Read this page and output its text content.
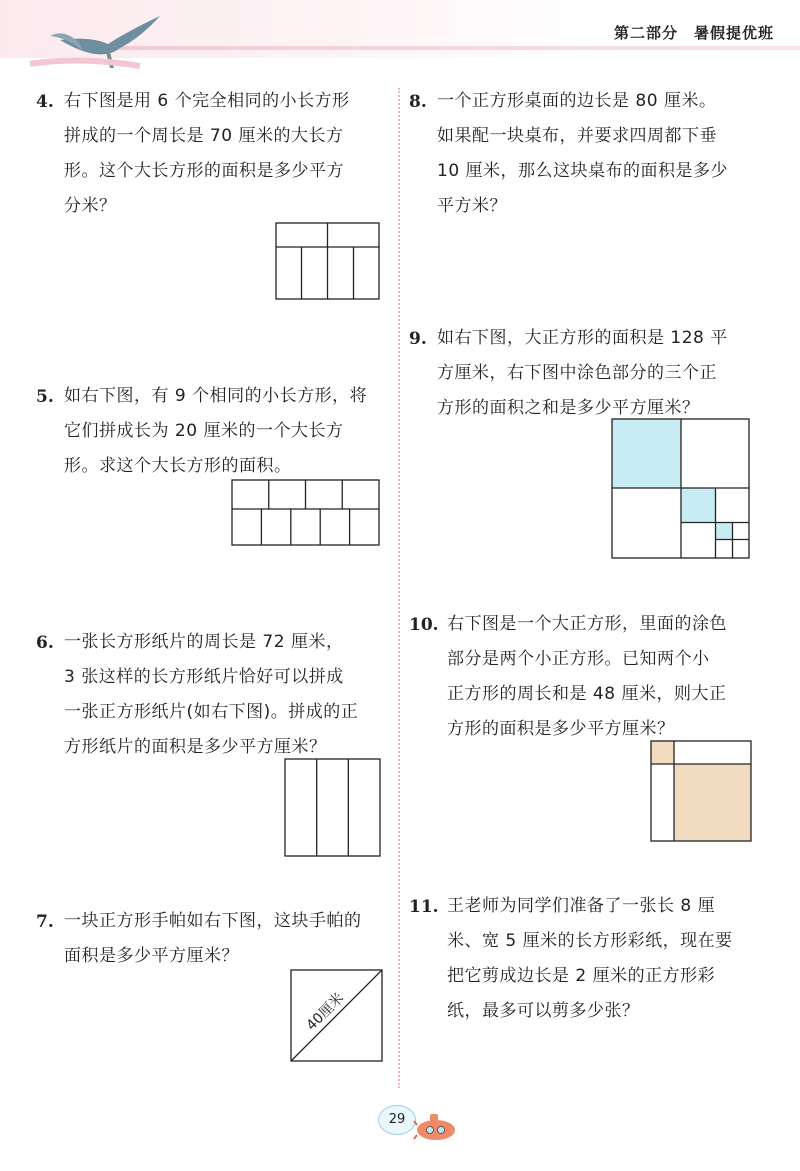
第二部分　暑假提优班
4. 右下图是用 6 个完全相同的小长方形
拼成的一个周长是 70 厘米的大长方
形。这个大长方形的面积是多少平方
分米？
5. 如右下图，有 9 个相同的小长方形，将
它们拼成长为 20 厘米的一个大长方
形。求这个大长方形的面积。
6. 一张长方形纸片的周长是 72 厘米，
3 张这样的长方形纸片恰好可以拼成
一张正方形纸片(如右下图)。拼成的正
方形纸片的面积是多少平方厘米？
7. 一块正方形手帕如右下图，这块手帕的
面积是多少平方厘米？
40厘米
8. 一个正方形桌面的边长是 80 厘米。
如果配一块桌布，并要求四周都下垂
10 厘米，那么这块桌布的面积是多少
平方米？
9. 如右下图，大正方形的面积是 128 平
方厘米，右下图中涂色部分的三个正
方形的面积之和是多少平方厘米？
10. 右下图是一个大正方形，里面的涂色
部分是两个小正方形。已知两个小
正方形的周长和是 48 厘米，则大正
方形的面积是多少平方厘米？
11. 王老师为同学们准备了一张长 8 厘
米、宽 5 厘米的长方形彩纸，现在要
把它剪成边长是 2 厘米的正方形彩
纸，最多可以剪多少张？
29
